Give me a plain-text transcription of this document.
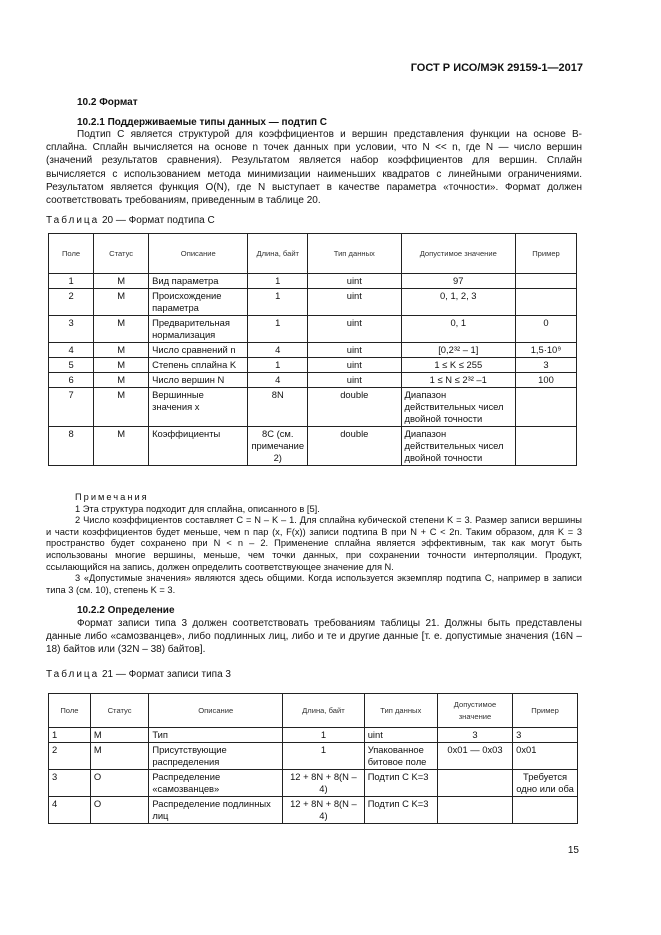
ГОСТ Р ИСО/МЭК 29159-1—2017
10.2 Формат
10.2.1 Поддерживаемые типы данных — подтип C
Подтип C является структурой для коэффициентов и вершин представления функции на основе B-сплайна. Сплайн вычисляется на основе n точек данных при условии, что N << n, где N — число вершин (значений результатов сравнения). Результатом является набор коэффициентов для вершин. Сплайн вычисляется с использованием метода минимизации наименьших квадратов с линейными ограничениями. Результатом является функция O(N), где N выступает в качестве параметра «точности». Формат должен соответствовать требованиям, приведенным в таблице 20.
Таблица 20 — Формат подтипа C
Поле	Статус	Описание	Длина, байт	Тип данных	Допустимое значение	Пример
1	M	Вид параметра	1	uint	97	
2	M	Происхождение параметра	1	uint	0, 1, 2, 3	
3	M	Предварительная нормализация	1	uint	0, 1	0
4	M	Число сравнений n	4	uint	[0,2³² – 1]	1,5·10⁹
5	M	Степень сплайна K	1	uint	1 ≤ K ≤ 255	3
6	M	Число вершин N	4	uint	1 ≤ N ≤ 2³² –1	100
7	M	Вершинные значения x	8N	double	Диапазон действительных чисел двойной точности	
8	M	Коэффициенты	8C (см. примечание 2)	double	Диапазон действительных чисел двойной точности	

Примечания

1 Эта структура подходит для сплайна, описанного в [5].

2 Число коэффициентов составляет C = N – K – 1. Для сплайна кубической степени K = 3. Размер записи вершины и части коэффициентов будет меньше, чем n пар (x, F(x)) записи подтипа B при N + C < 2n. Таким образом, для K = 3 пространство будет сохранено при N < n – 2. Применение сплайна является эффективным, так как могут быть использованы многие вершины, меньше, чем точки данных, при сохранении точности интерполяции. Продукт, ссылающийся на запись, должен определить соответствующее значение для N.

3 «Допустимые значения» являются здесь общими. Когда используется экземпляр подтипа C, например в записи типа 3 (см. 10), степень K = 3.

10.2.2 Определение
Формат записи типа 3 должен соответствовать требованиям таблицы 21. Должны быть представлены данные либо «самозванцев», либо подлинных лиц, либо и те и другие данные [т. е. допустимые значения (16N – 18) байтов или (32N – 38) байтов].
Таблица 21 — Формат записи типа 3
Поле	Статус	Описание	Длина, байт	Тип данных	Допустимое значение	Пример
1	M	Тип	1	uint	3	3
2	M	Присутствующие распределения	1	Упакованное битовое поле	0x01 — 0x03	0x01
3	O	Распределение «самозванцев»	12 + 8N + 8(N – 4)	Подтип C K=3		Требуется одно или оба
4	O	Распределение подлинных лиц	12 + 8N + 8(N – 4)	Подтип C K=3		
15
